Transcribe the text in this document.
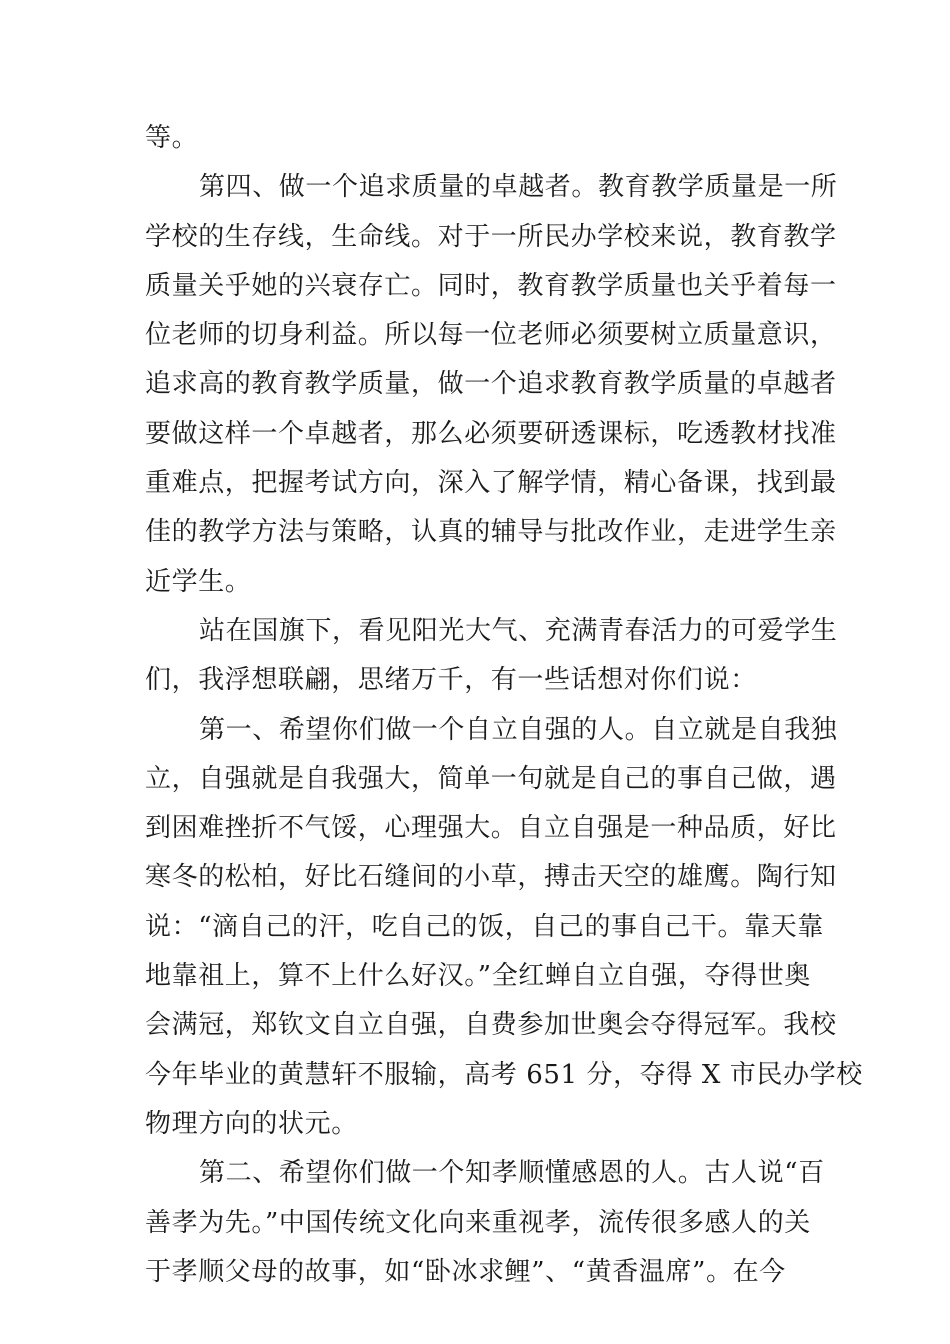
等。
第四、做一个追求质量的卓越者。教育教学质量是一所
学校的生存线，生命线。对于一所民办学校来说，教育教学
质量关乎她的兴衰存亡。同时，教育教学质量也关乎着每一
位老师的切身利益。所以每一位老师必须要树立质量意识，
追求高的教育教学质量，做一个追求教育教学质量的卓越者
要做这样一个卓越者，那么必须要研透课标，吃透教材找准
重难点，把握考试方向，深入了解学情，精心备课，找到最
佳的教学方法与策略，认真的辅导与批改作业，走进学生亲
近学生。
站在国旗下，看见阳光大气、充满青春活力的可爱学生
们，我浮想联翩，思绪万千，有一些话想对你们说：
第一、希望你们做一个自立自强的人。自立就是自我独
立，自强就是自我强大，简单一句就是自己的事自己做，遇
到困难挫折不气馁，心理强大。自立自强是一种品质，好比
寒冬的松柏，好比石缝间的小草，搏击天空的雄鹰。陶行知
说：“滴自己的汗，吃自己的饭，自己的事自己干。靠天靠
地靠祖上，算不上什么好汉。”全红蝉自立自强，夺得世奥
会满冠，郑钦文自立自强，自费参加世奥会夺得冠军。我校
今年毕业的黄慧轩不服输，高考 651 分，夺得 X 市民办学校
物理方向的状元。
第二、希望你们做一个知孝顺懂感恩的人。古人说“百
善孝为先。”中国传统文化向来重视孝，流传很多感人的关
于孝顺父母的故事，如“卧冰求鲤”、“黄香温席”。在今
